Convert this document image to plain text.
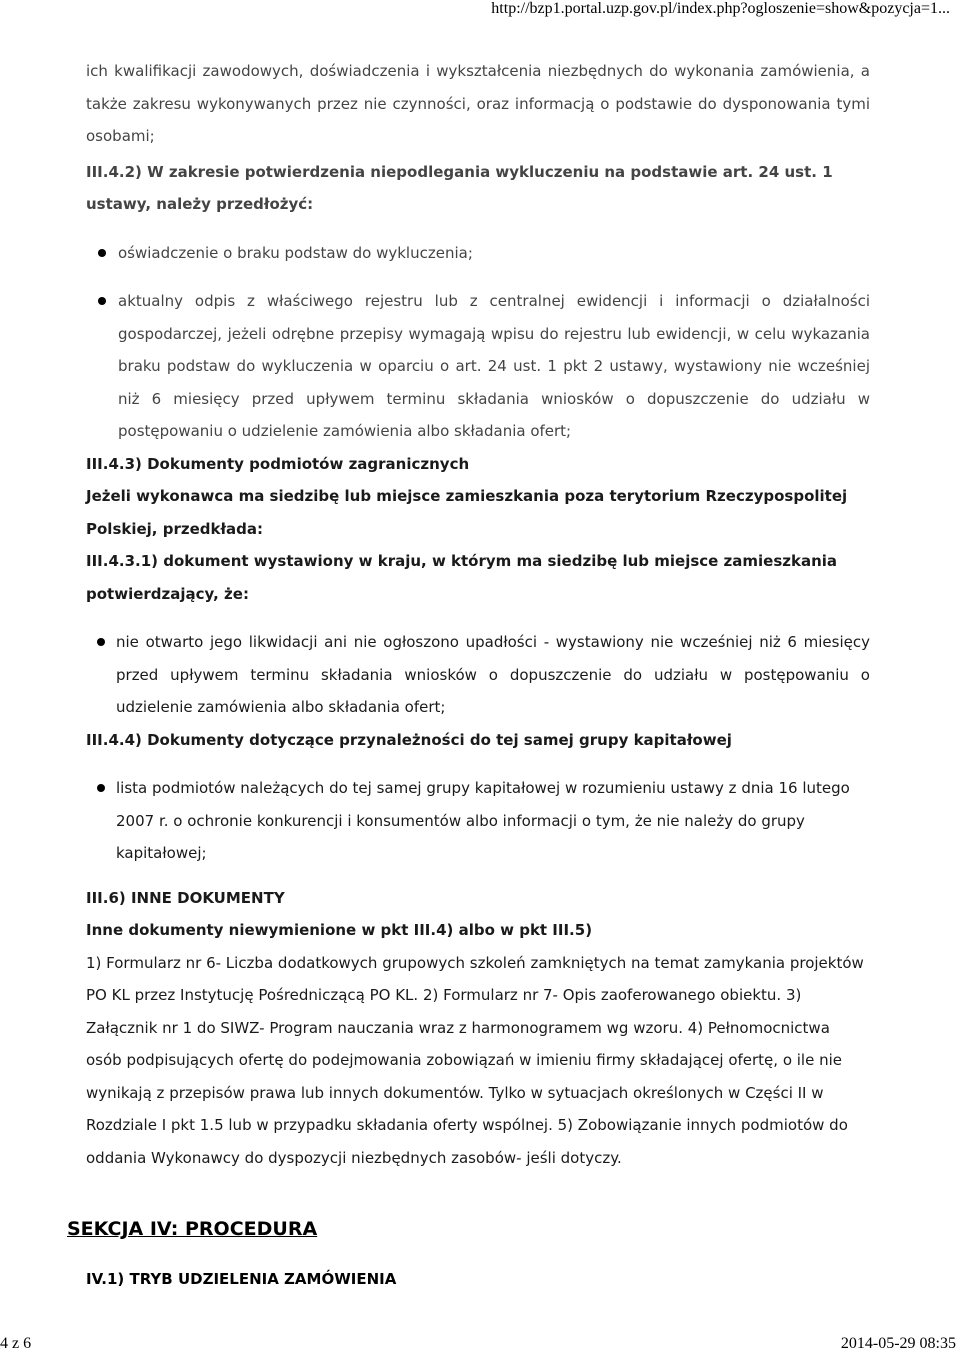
http://bzp1.portal.uzp.gov.pl/index.php?ogloszenie=show&pozycja=1...

ich kwalifikacji zawodowych, doświadczenia i wykształcenia niezbędnych do wykonania zamówienia, a także zakresu wykonywanych przez nie czynności, oraz informacją o podstawie do dysponowania tymi osobami;

III.4.2) W zakresie potwierdzenia niepodlegania wykluczeniu na podstawie art. 24 ust. 1 ustawy, należy przedłożyć:

oświadczenie o braku podstaw do wykluczenia;
aktualny odpis z właściwego rejestru lub z centralnej ewidencji i informacji o działalności gospodarczej, jeżeli odrębne przepisy wymagają wpisu do rejestru lub ewidencji, w celu wykazania braku podstaw do wykluczenia w oparciu o art. 24 ust. 1 pkt 2 ustawy, wystawiony nie wcześniej niż 6 miesięcy przed upływem terminu składania wniosków o dopuszczenie do udziału w postępowaniu o udzielenie zamówienia albo składania ofert;

III.4.3) Dokumenty podmiotów zagranicznych

Jeżeli wykonawca ma siedzibę lub miejsce zamieszkania poza terytorium Rzeczypospolitej Polskiej, przedkłada:

III.4.3.1) dokument wystawiony w kraju, w którym ma siedzibę lub miejsce zamieszkania potwierdzający, że:

nie otwarto jego likwidacji ani nie ogłoszono upadłości - wystawiony nie wcześniej niż 6 miesięcy przed upływem terminu składania wniosków o dopuszczenie do udziału w postępowaniu o udzielenie zamówienia albo składania ofert;

III.4.4) Dokumenty dotyczące przynależności do tej samej grupy kapitałowej

lista podmiotów należących do tej samej grupy kapitałowej w rozumieniu ustawy z dnia 16 lutego 2007 r. o ochronie konkurencji i konsumentów albo informacji o tym, że nie należy do grupy kapitałowej;

III.6) INNE DOKUMENTY

Inne dokumenty niewymienione w pkt III.4) albo w pkt III.5)

1) Formularz nr 6- Liczba dodatkowych grupowych szkoleń zamkniętych na temat zamykania projektów PO KL przez Instytucję Pośredniczącą PO KL. 2) Formularz nr 7- Opis zaoferowanego obiektu. 3) Załącznik nr 1 do SIWZ- Program nauczania wraz z harmonogramem wg wzoru. 4) Pełnomocnictwa osób podpisujących ofertę do podejmowania zobowiązań w imieniu firmy składającej ofertę, o ile nie wynikają z przepisów prawa lub innych dokumentów. Tylko w sytuacjach określonych w Części II w Rozdziale I pkt 1.5 lub w przypadku składania oferty wspólnej. 5) Zobowiązanie innych podmiotów do oddania Wykonawcy do dyspozycji niezbędnych zasobów- jeśli dotyczy.

SEKCJA IV: PROCEDURA
IV.1) TRYB UDZIELENIA ZAMÓWIENIA
4 z 6	2014-05-29 08:35
